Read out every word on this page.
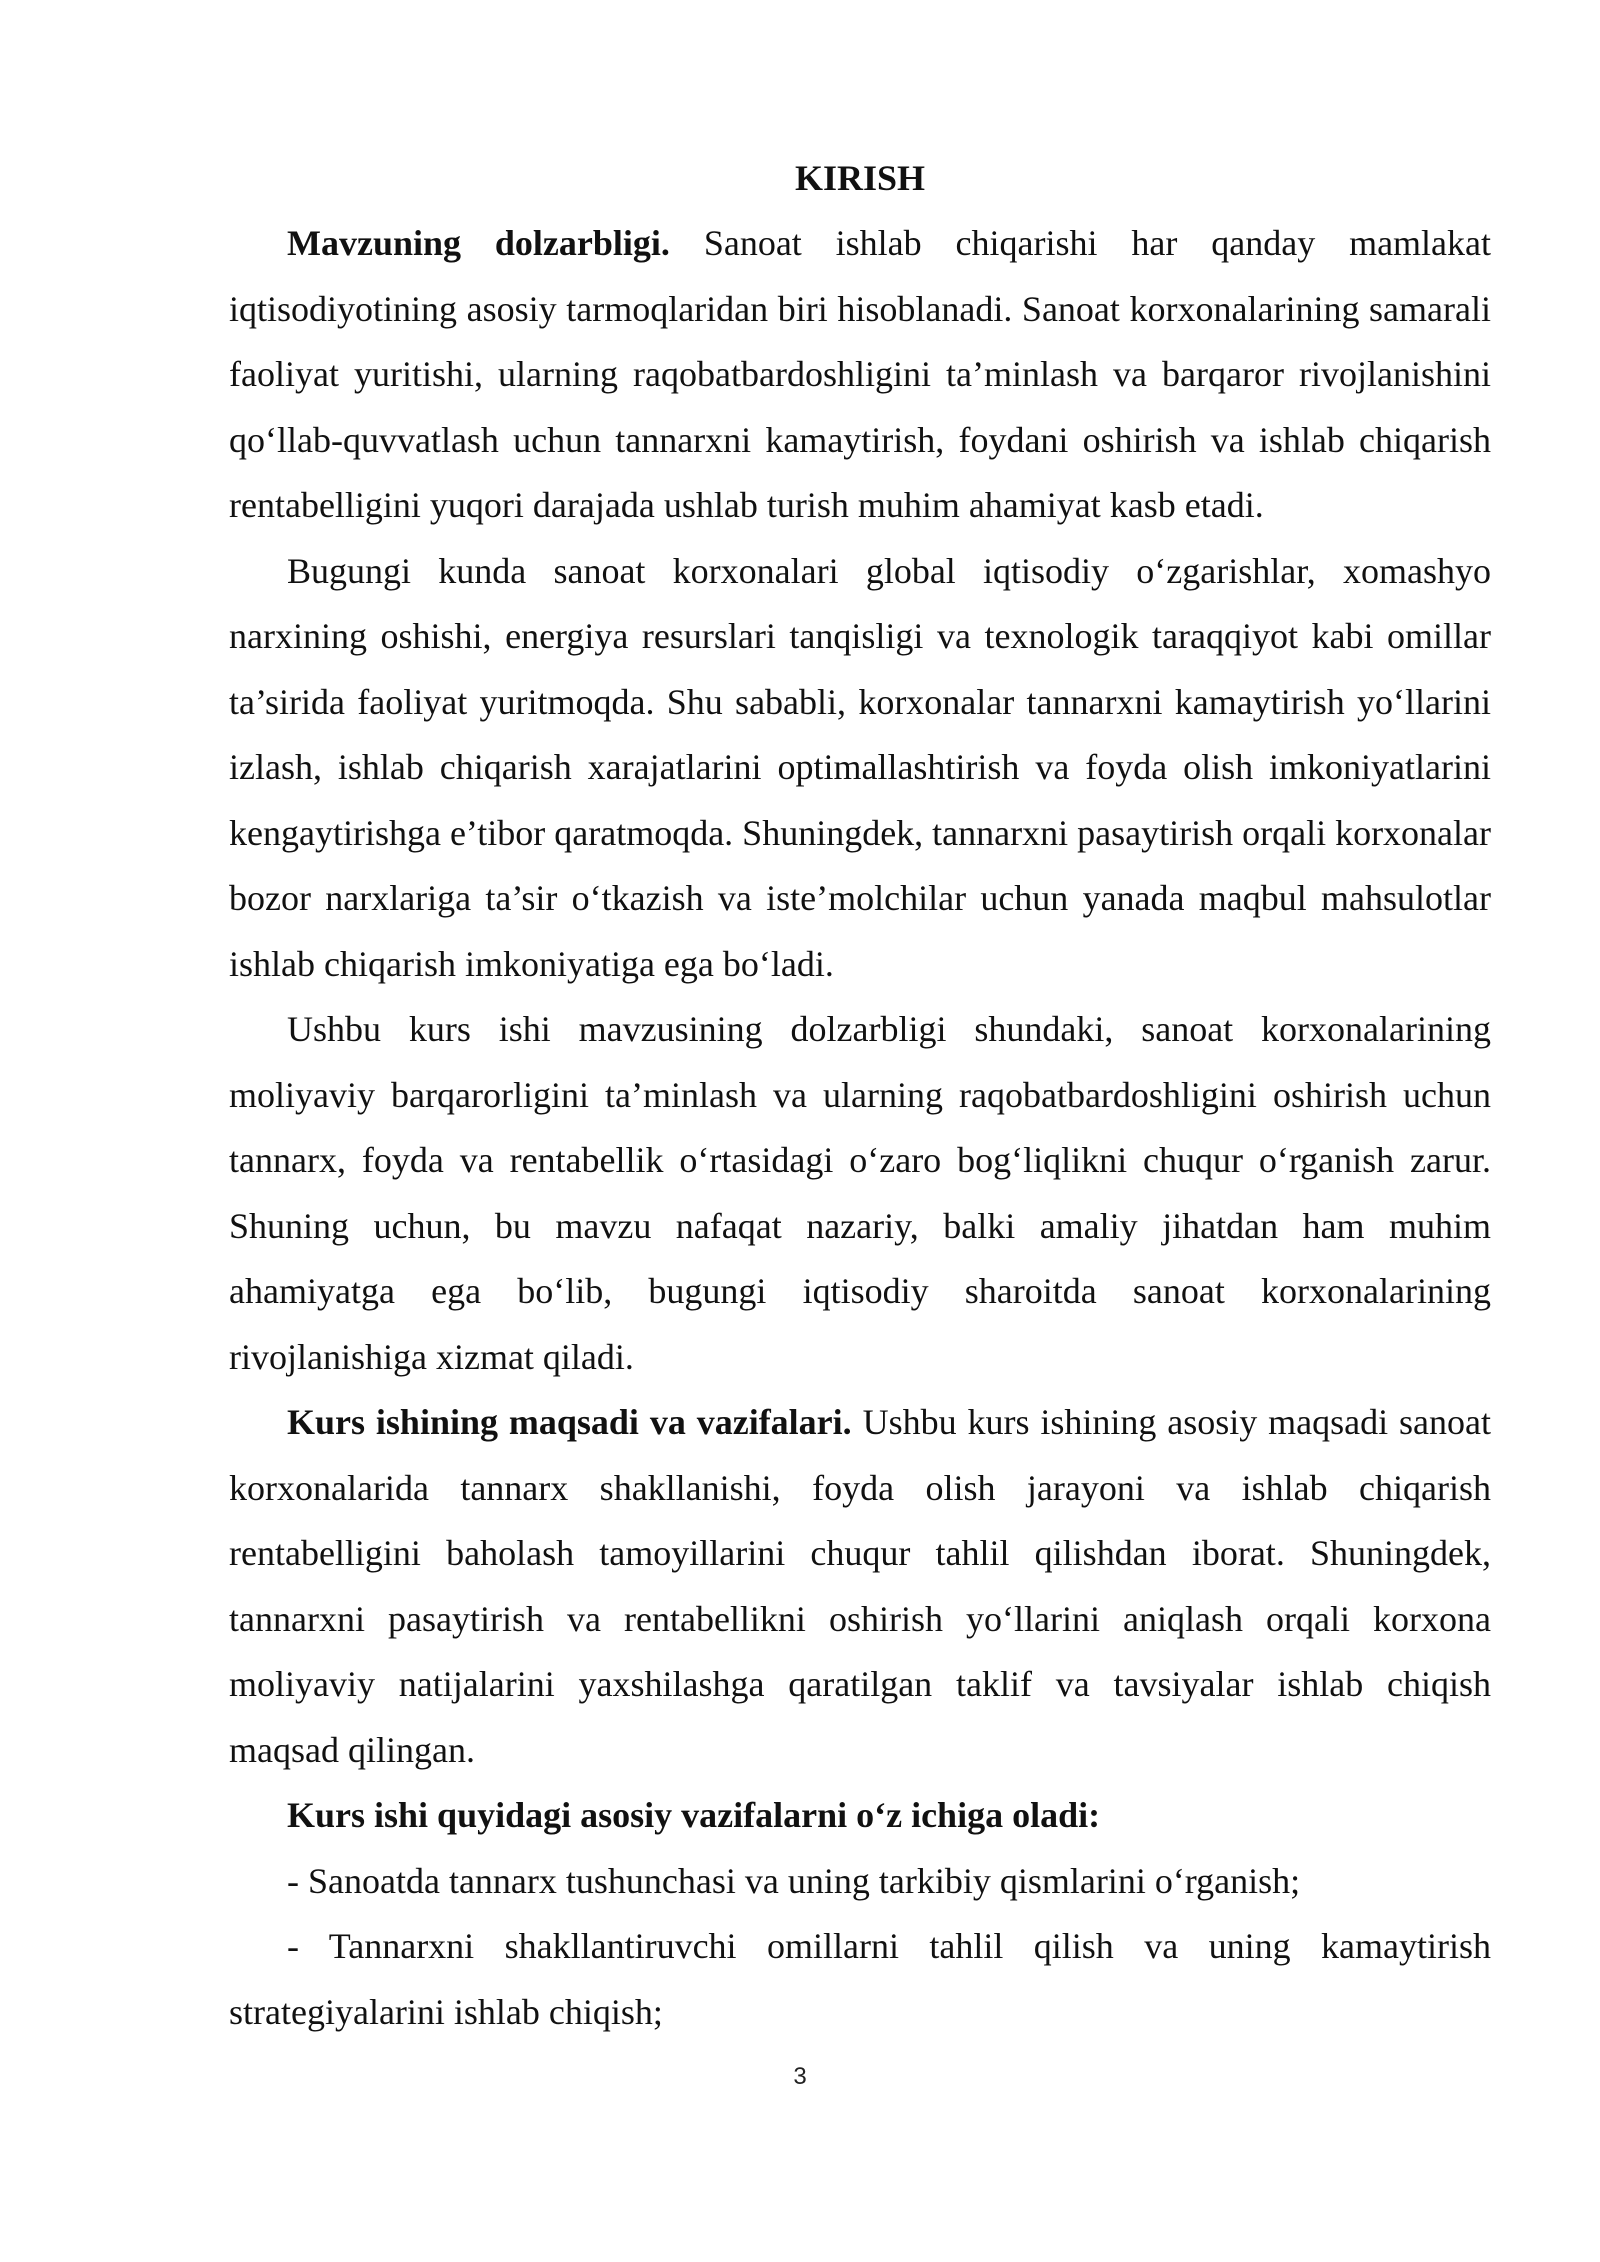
KIRISH

Mavzuning dolzarbligi. Sanoat ishlab chiqarishi har qanday mamlakat iqtisodiyotining asosiy tarmoqlaridan biri hisoblanadi. Sanoat korxonalarining samarali faoliyat yuritishi, ularning raqobatbardoshligini ta’minlash va barqaror rivojlanishini qo‘llab-quvvatlash uchun tannarxni kamaytirish, foydani oshirish va ishlab chiqarish rentabelligini yuqori darajada ushlab turish muhim ahamiyat kasb etadi.

Bugungi kunda sanoat korxonalari global iqtisodiy o‘zgarishlar, xomashyo narxining oshishi, energiya resurslari tanqisligi va texnologik taraqqiyot kabi omillar ta’sirida faoliyat yuritmoqda. Shu sababli, korxonalar tannarxni kamaytirish yo‘llarini izlash, ishlab chiqarish xarajatlarini optimallashtirish va foyda olish imkoniyatlarini kengaytirishga e’tibor qaratmoqda. Shuningdek, tannarxni pasaytirish orqali korxonalar bozor narxlariga ta’sir o‘tkazish va iste’molchilar uchun yanada maqbul mahsulotlar ishlab chiqarish imkoniyatiga ega bo‘ladi.

Ushbu kurs ishi mavzusining dolzarbligi shundaki, sanoat korxonalarining moliyaviy barqarorligini ta’minlash va ularning raqobatbardoshligini oshirish uchun tannarx, foyda va rentabellik o‘rtasidagi o‘zaro bog‘liqlikni chuqur o‘rganish zarur. Shuning uchun, bu mavzu nafaqat nazariy, balki amaliy jihatdan ham muhim ahamiyatga ega bo‘lib, bugungi iqtisodiy sharoitda sanoat korxonalarining rivojlanishiga xizmat qiladi.

Kurs ishining maqsadi va vazifalari. Ushbu kurs ishining asosiy maqsadi sanoat korxonalarida tannarx shakllanishi, foyda olish jarayoni va ishlab chiqarish rentabelligini baholash tamoyillarini chuqur tahlil qilishdan iborat. Shuningdek, tannarxni pasaytirish va rentabellikni oshirish yo‘llarini aniqlash orqali korxona moliyaviy natijalarini yaxshilashga qaratilgan taklif va tavsiyalar ishlab chiqish maqsad qilingan.

Kurs ishi quyidagi asosiy vazifalarni o‘z ichiga oladi:
- Sanoatda tannarx tushunchasi va uning tarkibiy qismlarini o‘rganish;
- Tannarxni shakllantiruvchi omillarni tahlil qilish va uning kamaytirish strategiyalarini ishlab chiqish;
3
